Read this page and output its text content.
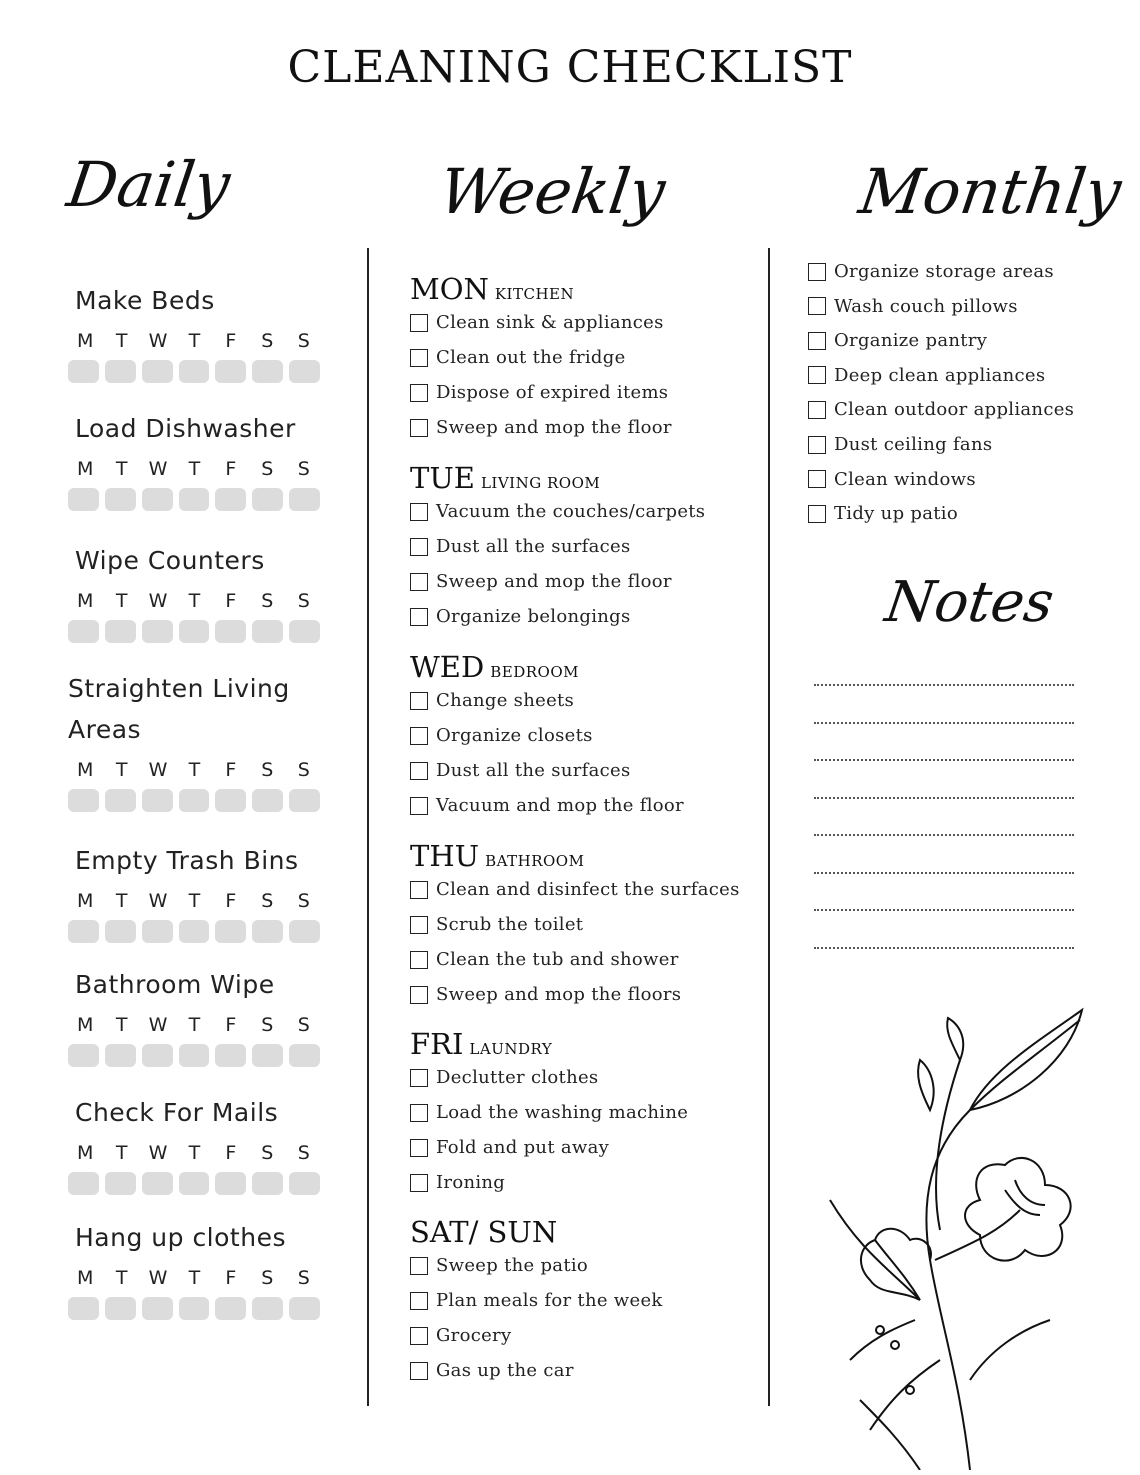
CLEANING CHECKLIST
Daily	Weekly	Monthly
Make Beds
M	T	W	T	F	S	S
Load Dishwasher
M	T	W	T	F	S	S
Wipe Counters
M	T	W	T	F	S	S
Straighten Living
Areas
M	T	W	T	F	S	S
Empty Trash Bins
M	T	W	T	F	S	S
Bathroom Wipe
M	T	W	T	F	S	S
Check For Mails
M	T	W	T	F	S	S
Hang up clothes
M	T	W	T	F	S	S
MON KITCHEN
Clean sink & appliances
Clean out the fridge
Dispose of expired items
Sweep and mop the floor
TUE LIVING ROOM
Vacuum the couches/carpets
Dust all the surfaces
Sweep and mop the floor
Organize belongings
WED BEDROOM
Change sheets
Organize closets
Dust all the surfaces
Vacuum and mop the floor
THU BATHROOM
Clean and disinfect the surfaces
Scrub the toilet
Clean the tub and shower
Sweep and mop the floors
FRI LAUNDRY
Declutter clothes
Load the washing machine
Fold and put away
Ironing
SAT/ SUN
Sweep the patio
Plan meals for the week
Grocery
Gas up the car
Organize storage areas
Wash couch pillows
Organize pantry
Deep clean appliances
Clean outdoor appliances
Dust ceiling fans
Clean windows
Tidy up patio
Notes
